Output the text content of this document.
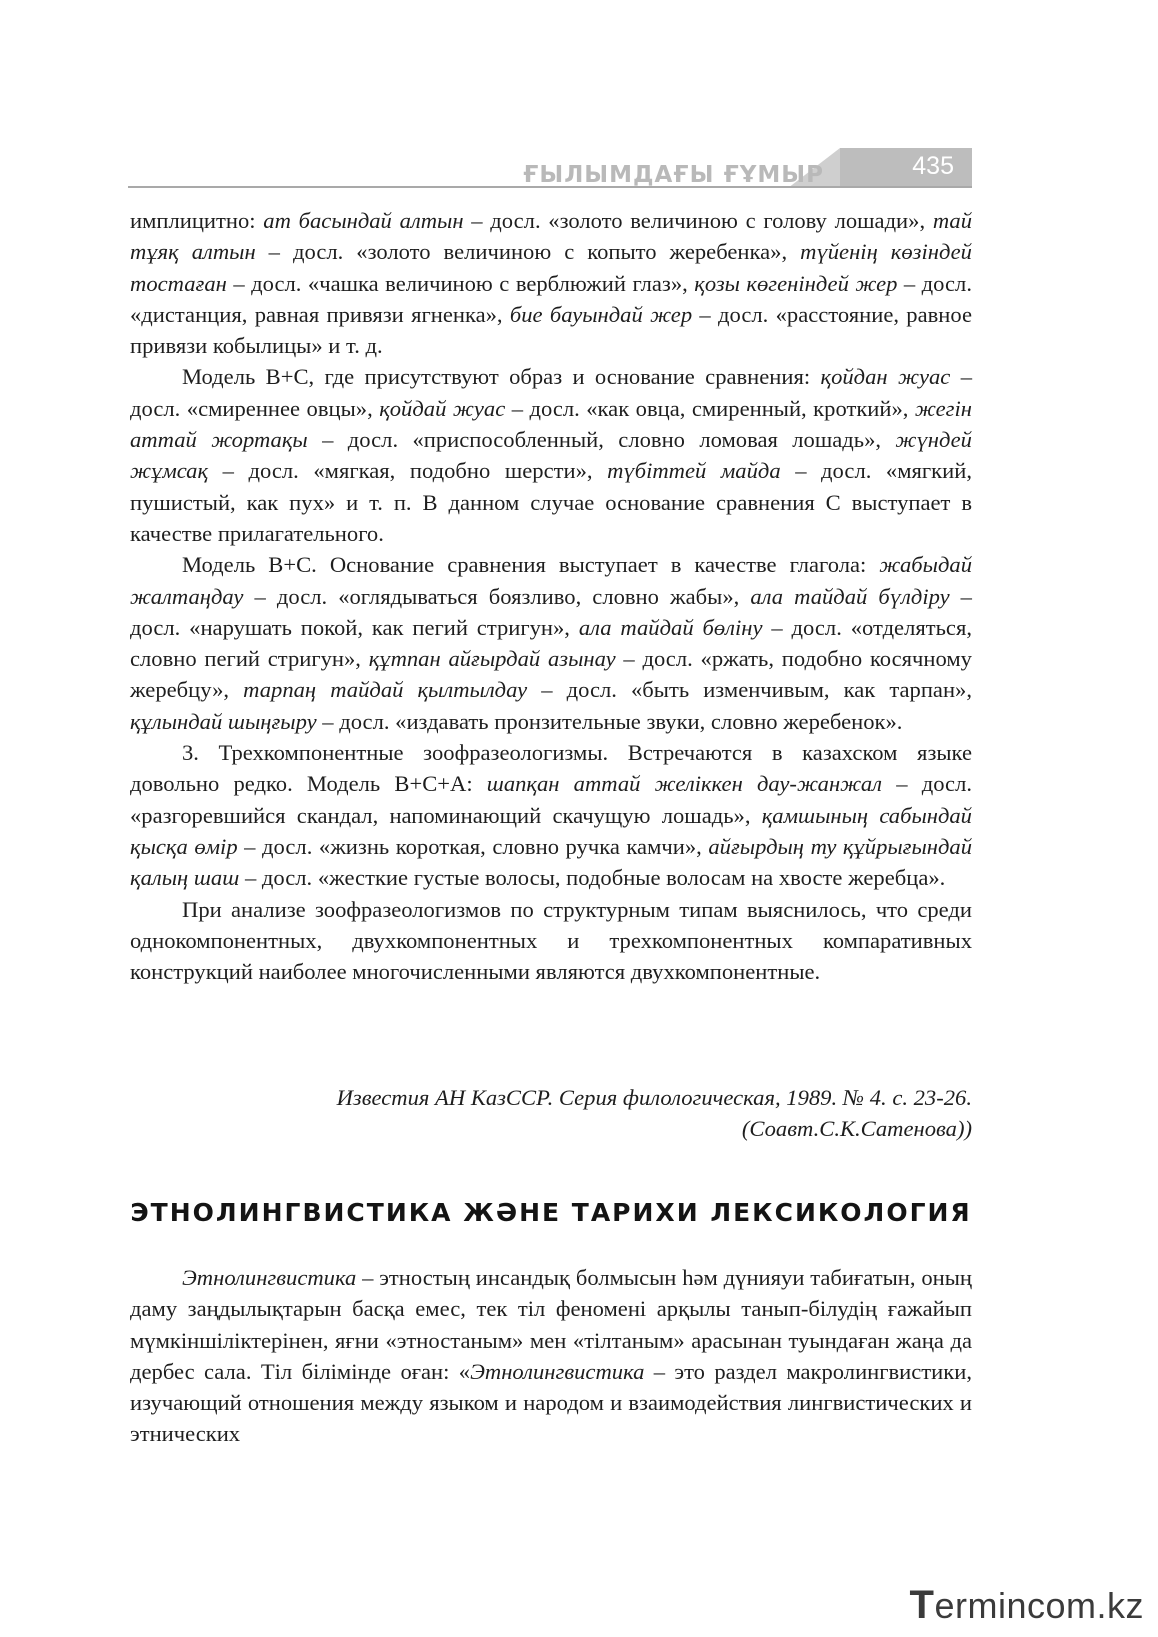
ҒЫЛЫМДАҒЫ ҒҰМЫР	435

имплицитно: ат басындай алтын – досл. «золото величиною с голову лошади», тай тұяқ алтын – досл. «золото величиною с копыто жеребенка», түйенің көзіндей тостаған – досл. «чашка величиною с верблюжий глаз», қозы көгеніндей жер – досл. «дистанция, равная привязи ягненка», бие бауындай жер – досл. «расстояние, равное привязи кобылицы» и т. д.

Модель В+С, где присутствуют образ и основание сравнения: қойдан жуас – досл. «смиреннее овцы», қойдай жуас – досл. «как овца, смиренный, кроткий», жегін аттай жортақы – досл. «приспособленный, словно ломовая лошадь», жүндей жұмсақ – досл. «мягкая, подобно шерсти», түбіттей майда – досл. «мягкий, пушистый, как пух» и т. п. В данном случае основание сравнения С выступает в качестве прилагательного.

Модель В+С. Основание сравнения выступает в качестве глагола: жабыдай жалтаңдау – досл. «оглядываться боязливо, словно жабы», ала тайдай бүлдіру – досл. «нарушать покой, как пегий стригун», ала тайдай бөліну – досл. «отделяться, словно пегий стригун», құтпан айғырдай азынау – досл. «ржать, подобно косячному жеребцу», тарпаң тайдай қылтылдау – досл. «быть изменчивым, как тарпан», құлындай шыңғыру – досл. «издавать пронзительные звуки, словно жеребенок».

3. Трехкомпонентные зоофразеологизмы. Встречаются в казахском языке довольно редко. Модель В+С+А: шапқан аттай желіккен дау-жанжал – досл. «разгоревшийся скандал, напоминающий скачущую лошадь», қамшының сабындай қысқа өмір – досл. «жизнь короткая, словно ручка камчи», айғырдың ту құйрығындай қалың шаш – досл. «жесткие густые волосы, подобные волосам на хвосте жеребца».

При анализе зоофразеологизмов по структурным типам выяснилось, что среди однокомпонентных, двухкомпонентных и трехкомпонентных компаративных конструкций наиболее многочисленными являются двухкомпонентные.

Известия АН КазССР. Серия филологическая, 1989. № 4. с. 23-26.
(Соавт.С.К.Сатенова))
ЭТНОЛИНГВИСТИКА ЖӘНЕ ТАРИХИ ЛЕКСИКОЛОГИЯ

Этнолингвистика – этностың инсандық болмысын һәм дүнияуи табиғатын, оның даму заңдылықтарын басқа емес, тек тіл феномені арқылы танып-білудің ғажайып мүмкіншіліктерінен, яғни «этностаным» мен «тілтаным» арасынан туындаған жаңа да дербес сала. Тіл білімінде оған: «Этнолингвистика – это раздел макролингвистики, изучающий отношения между языком и народом и взаимодействия лингвистических и этнических

Termincom.kz
